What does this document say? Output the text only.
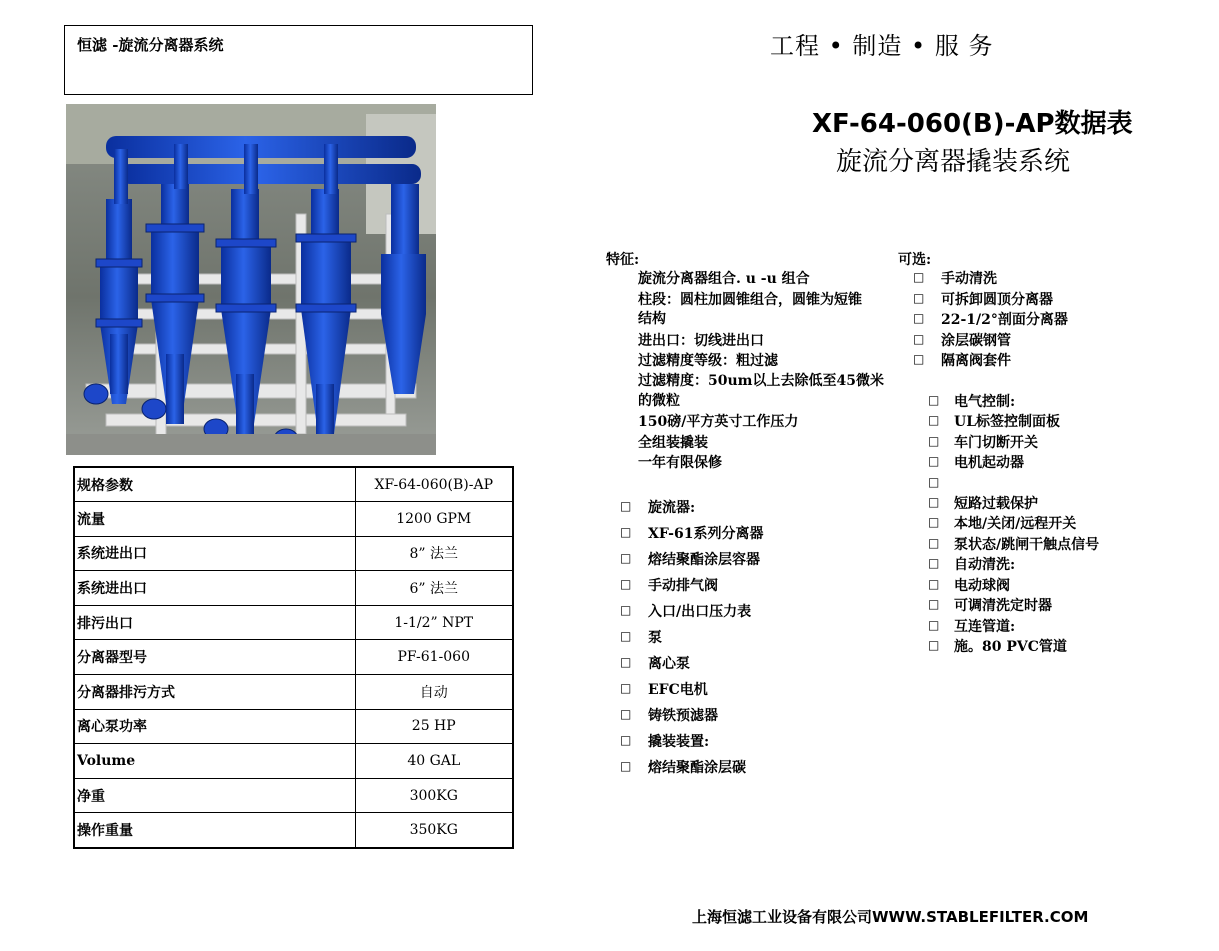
恒滤 -旋流分离器系统	工程 • 制造 • 服 务
XF-64-060(B)-AP数据表
旋流分离器撬装系统
规格参数	XF-64-060(B)-AP
流量	1200 GPM
系统进出口	8” 法兰
系统进出口	6” 法兰
排污出口	1-1/2” NPT
分离器型号	PF-61-060
分离器排污方式	自动
离心泵功率	25 HP
Volume	40 GAL
净重	300KG
操作重量	350KG
特征:
旋流分离器组合. u -u 组合
柱段：圆柱加圆锥组合，圆锥为短锥
结构
进出口：切线进出口
过滤精度等级：粗过滤
过滤精度：50um以上去除低至45微米
的微粒
150磅/平方英寸工作压力
全组装撬装
一年有限保修
□ 旋流器:
□ XF-61系列分离器
□ 熔结聚酯涂层容器
□ 手动排气阀
□ 入口/出口压力表
□ 泵
□ 离心泵
□ EFC电机
□ 铸铁预滤器
□ 撬装装置:
□ 熔结聚酯涂层碳
可选:
□ 手动清洗
□ 可拆卸圆顶分离器
□ 22-1/2°剖面分离器
□ 涂层碳钢管
□ 隔离阀套件
□ 电气控制:
□ UL标签控制面板
□ 车门切断开关
□ 电机起动器
□
□ 短路过载保护
□ 本地/关闭/远程开关
□ 泵状态/跳闸干触点信号
□ 自动清洗:
□ 电动球阀
□ 可调清洗定时器
□ 互连管道:
□ 施。80 PVC管道
上海恒滤工业设备有限公司WWW.STABLEFILTER.COM
